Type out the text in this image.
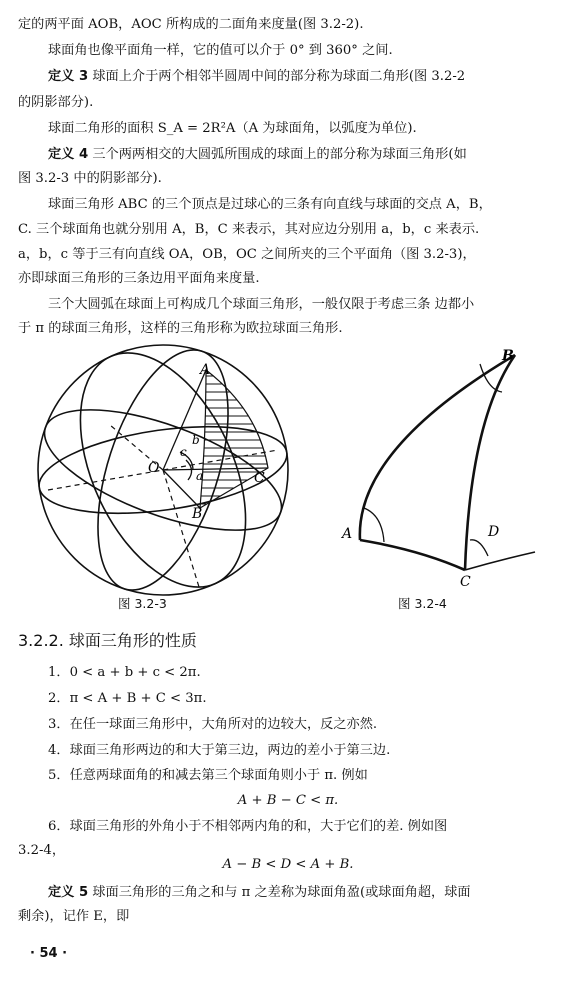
定的两平面 AOB，AOC 所构成的二面角来度量(图 3.2-2).
球面角也像平面角一样，它的值可以介于 0° 到 360° 之间.
定义 3 球面上介于两个相邻半圆周中间的部分称为球面二角形(图 3.2-2
的阴影部分).
球面二角形的面积 S_A = 2R²A（A 为球面角，以弧度为单位).
定义 4 三个两两相交的大圆弧所围成的球面上的部分称为球面三角形(如
图 3.2-3 中的阴影部分).
球面三角形 ABC 的三个顶点是过球心的三条有向直线与球面的交点 A，B，
C. 三个球面角也就分别用 A，B，C 来表示，其对应边分别用 a，b，c 来表示.
a，b，c 等于三有向直线 OA，OB，OC 之间所夹的三个平面角（图 3.2-3)，
亦即球面三角形的三条边用平面角来度量.
三个大圆弧在球面上可构成几个球面三角形，一般仅限于考虑三条 边都小
于 π 的球面三角形，这样的三角形称为欧拉球面三角形.
A
B
C
O	a
b
c
图 3.2-3
A
B
C
D
图 3.2-4
3.2.2. 球面三角形的性质
1．0 < a + b + c < 2π.
2．π < A + B + C < 3π.
3．在任一球面三角形中，大角所对的边较大，反之亦然.
4．球面三角形两边的和大于第三边，两边的差小于第三边.
5．任意两球面角的和减去第三个球面角则小于 π. 例如
A + B − C < π.
6．球面三角形的外角小于不相邻两内角的和，大于它们的差. 例如图
3.2-4，
A − B < D < A + B.
定义 5 球面三角形的三角之和与 π 之差称为球面角盈(或球面角超，球面
剩余)，记作 E，即
· 54 ·
